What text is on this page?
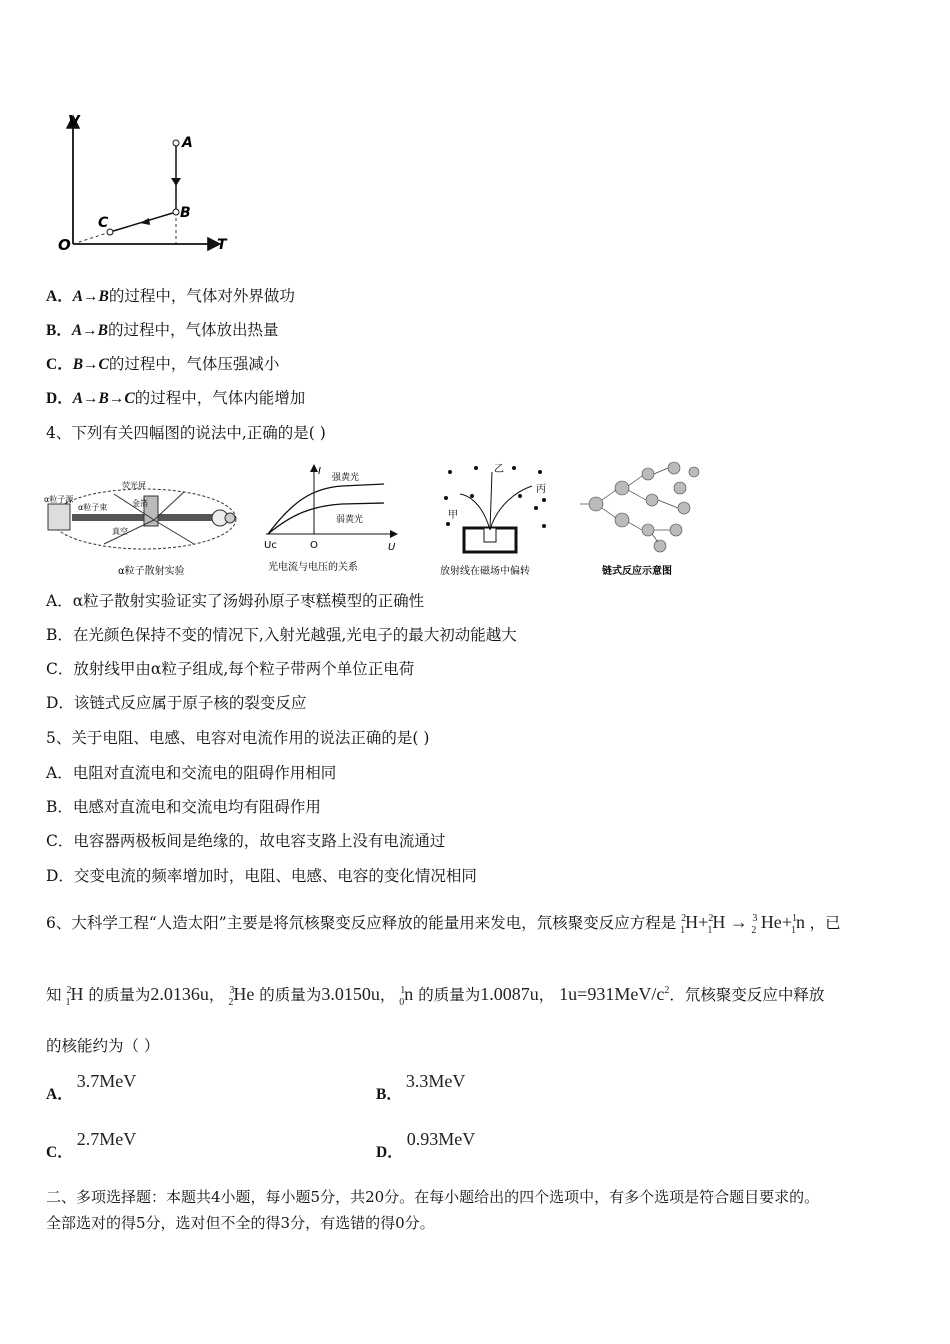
V
T
O
A
B
C
A．A→B的过程中，气体对外界做功
B．A→B的过程中，气体放出热量
C．B→C的过程中，气体压强减小
D．A→B→C的过程中，气体内能增加
4、下列有关四幅图的说法中,正确的是( )
荧光屏
α粒子源
α粒子束	金箔
真空
α粒子散射实验
I
强黄光
弱黄光
Uc	O	U
光电流与电压的关系
乙
丙
甲
放射线在磁场中偏转	链式反应示意图
A．α粒子散射实验证实了汤姆孙原子枣糕模型的正确性
B．在光颜色保持不变的情况下,入射光越强,光电子的最大初动能越大
C．放射线甲由α粒子组成,每个粒子带两个单位正电荷
D．该链式反应属于原子核的裂变反应
5、关于电阻、电感、电容对电流作用的说法正确的是( )
A．电阻对直流电和交流电的阻碍作用相同
B．电感对直流电和交流电均有阻碍作用
C．电容器两极板间是绝缘的，故电容支路上没有电流通过
D．交变电流的频率增加时，电阻、电感、电容的变化情况相同
6、大科学工程“人造太阳”主要是将氘核聚变反应释放的能量用来发电，氘核聚变反应方程是 $^2_1$H+$^2_1$H → $^3_2$ He+$^1_1$n ，已
知 $^2_1$H 的质量为2.0136u， $^3_2$He 的质量为3.0150u， $^1_0$n 的质量为1.0087u， $1u=931MeV/c^2$．氘核聚变反应中释放
的核能约为（ ）
A．3.7MeV
B．3.3MeV
C．2.7MeV
D．0.93MeV
二、多项选择题：本题共4小题，每小题5分，共20分。在每小题给出的四个选项中，有多个选项是符合题目要求的。
全部选对的得5分，选对但不全的得3分，有选错的得0分。
